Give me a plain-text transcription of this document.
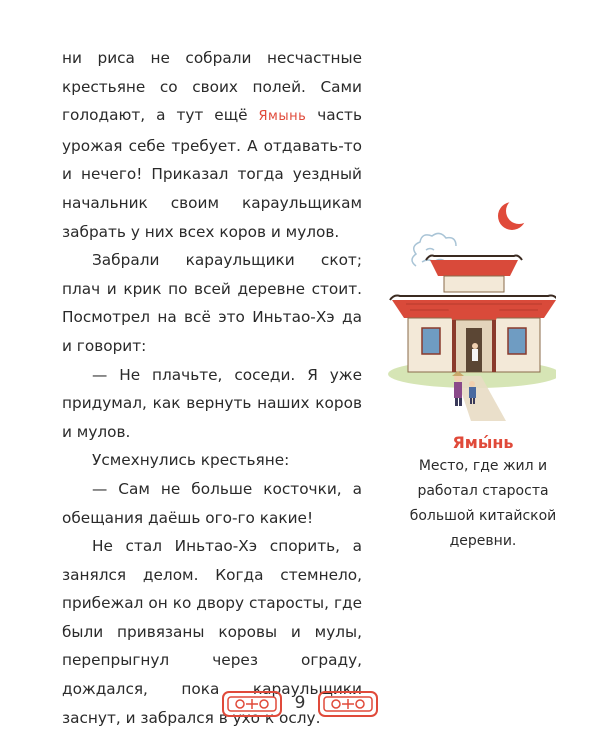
ни риса не собрали несчастные крестьяне со своих полей. Сами голодают, а тут ещё Ямынь часть урожая себе требует. А отдавать-то и нечего! Приказал тогда уездный начальник своим караульщикам забрать у них всех коров и мулов.

Забрали караульщики скот; плач и крик по всей деревне стоит. Посмотрел на всё это Иньтао-Хэ да и говорит:

— Не плачьте, соседи. Я уже придумал, как вернуть наших коров и мулов.

Усмехнулись крестьяне:

— Сам не больше косточки, а обещания даёшь ого-го какие!

Не стал Иньтао-Хэ спорить, а занялся делом. Когда стемнело, прибежал он ко двору старосты, где были привязаны коровы и мулы, перепрыгнул через ограду, дождался, пока караульщики заснут, и забрался в ухо к ослу.

Ямы́нь
Место, где жил и работал староста большой китайской деревни.
9
